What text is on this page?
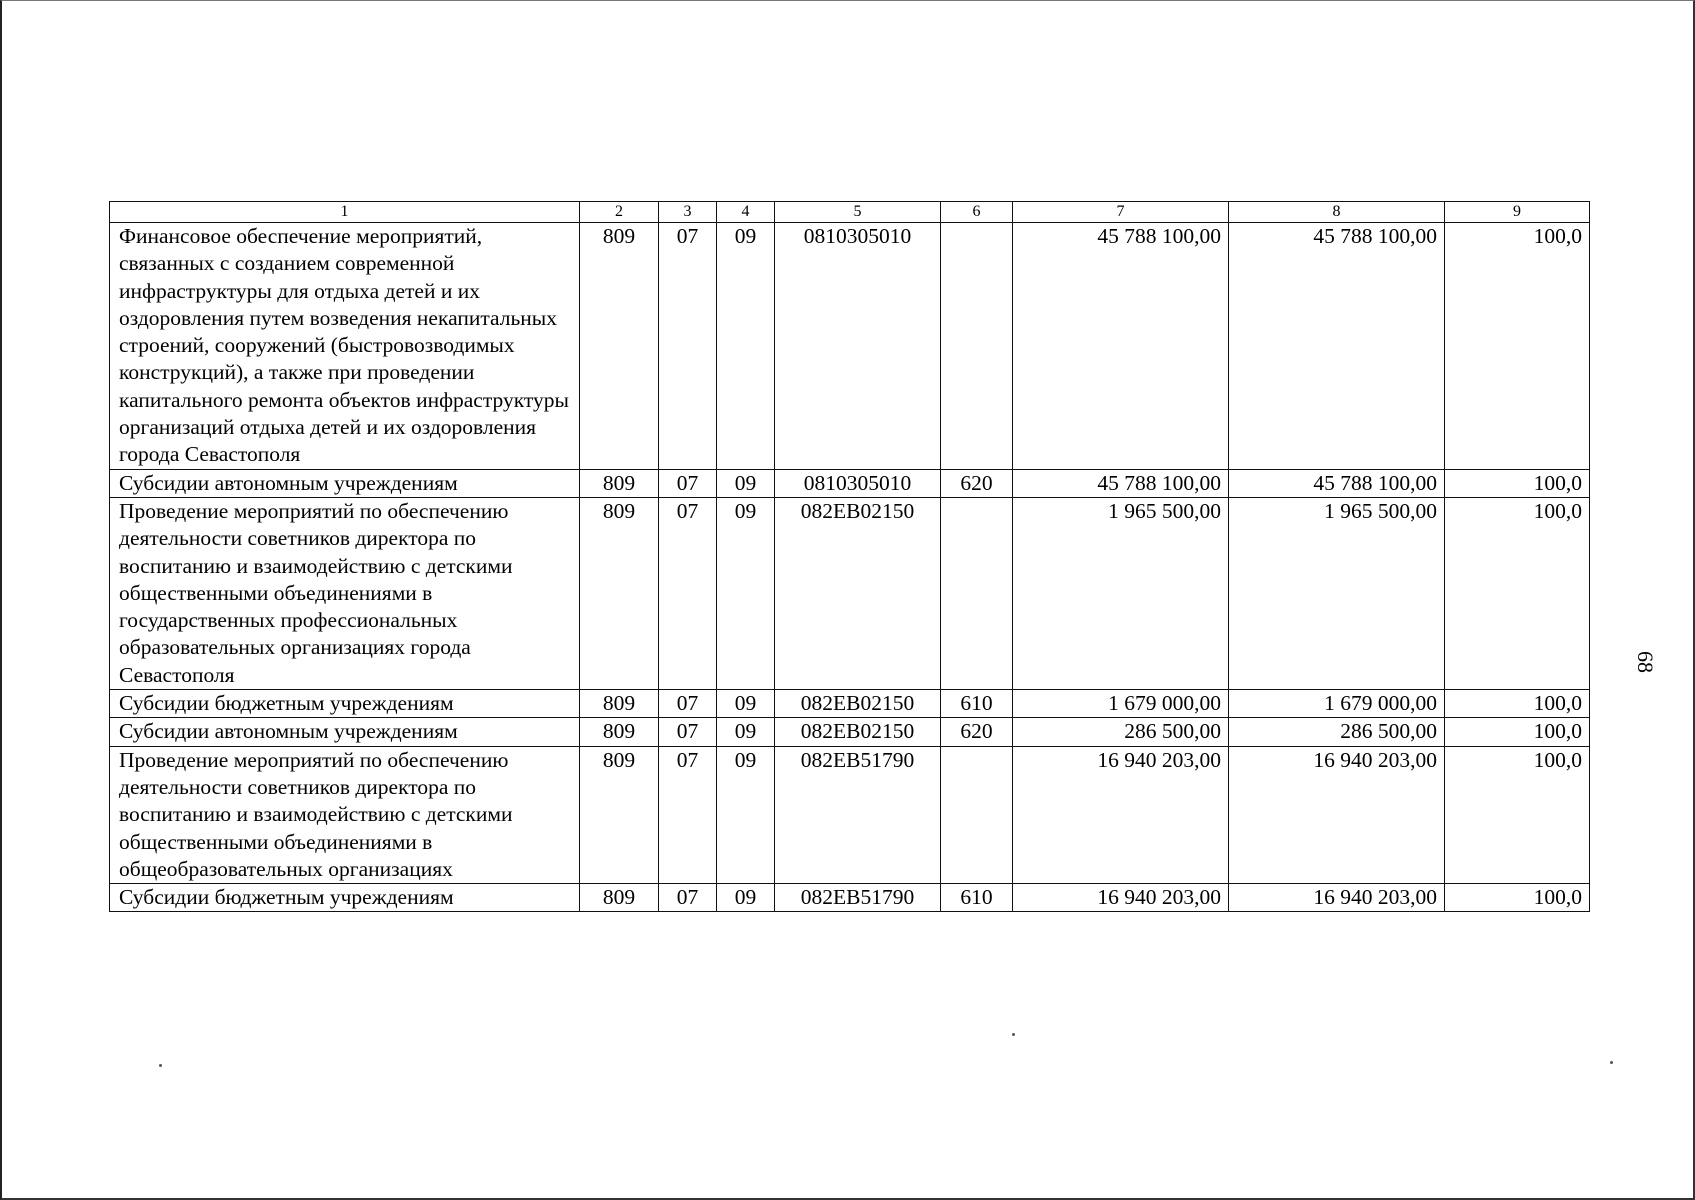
1	2	3	4	5	6	7	8	9
Финансовое обеспечение мероприятий, связанных с созданием современной инфраструктуры для отдыха детей и их оздоровления путем возведения некапитальных строений, сооружений (быстровозводимых конструкций), а также при проведении капитального ремонта объектов инфраструктуры организаций отдыха детей и их оздоровления города Севастополя	809	07	09	0810305010		45 788 100,00	45 788 100,00	100,0
Субсидии автономным учреждениям	809	07	09	0810305010	620	45 788 100,00	45 788 100,00	100,0
Проведение мероприятий по обеспечению деятельности советников директора по воспитанию и взаимодействию с детскими общественными объединениями в государственных профессиональных образовательных организациях города Севастополя	809	07	09	082ЕВ02150		1 965 500,00	1 965 500,00	100,0
Субсидии бюджетным учреждениям	809	07	09	082ЕВ02150	610	1 679 000,00	1 679 000,00	100,0
Субсидии автономным учреждениям	809	07	09	082ЕВ02150	620	286 500,00	286 500,00	100,0
Проведение мероприятий по обеспечению деятельности советников директора по воспитанию и взаимодействию с детскими общественными объединениями в общеобразовательных организациях	809	07	09	082ЕВ51790		16 940 203,00	16 940 203,00	100,0
Субсидии бюджетным учреждениям	809	07	09	082ЕВ51790	610	16 940 203,00	16 940 203,00	100,0
68
